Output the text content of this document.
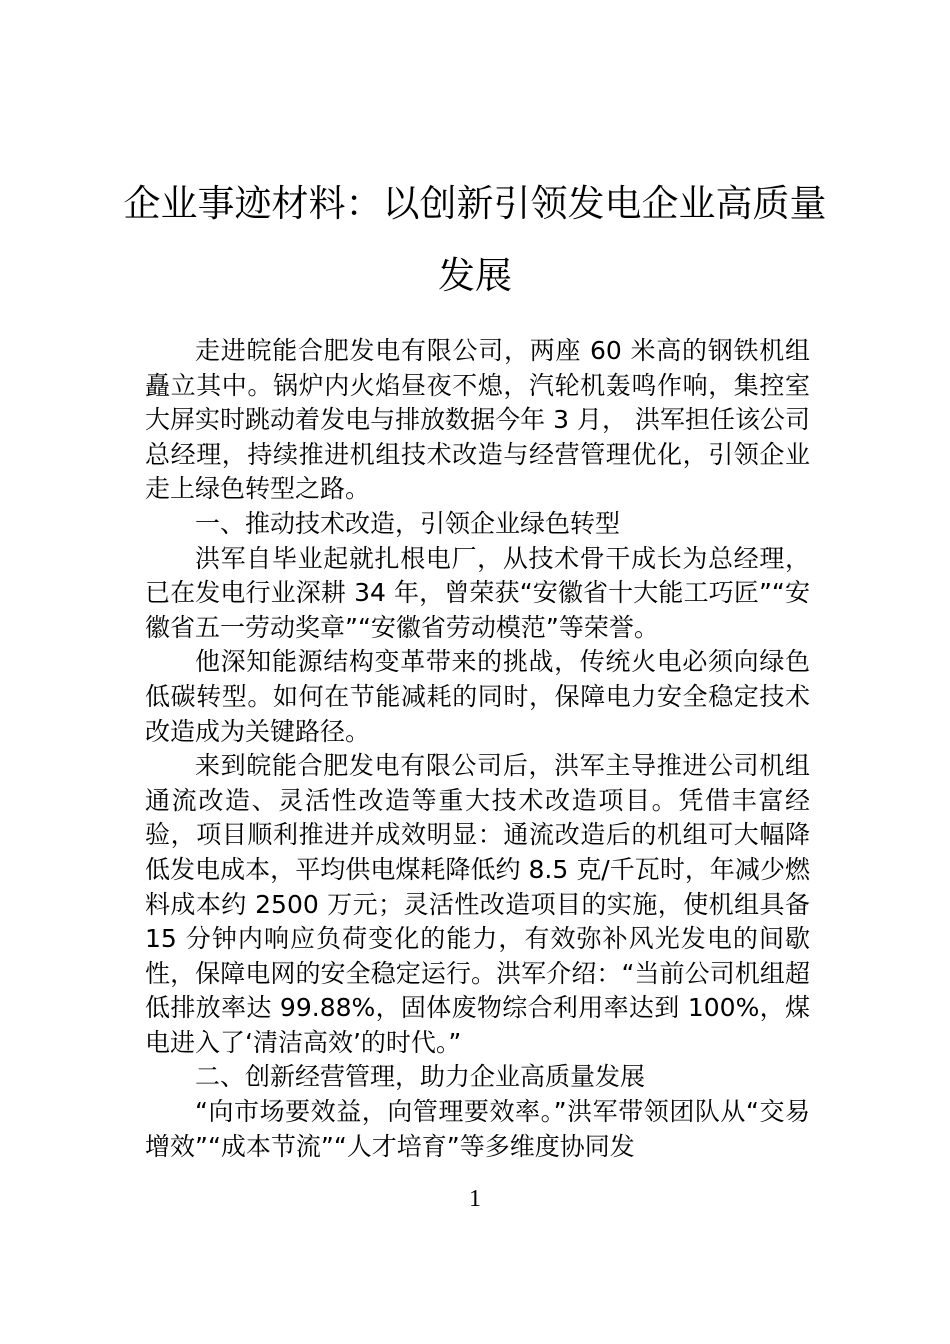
企业事迹材料：以创新引领发电企业高质量发展

走进皖能合肥发电有限公司，两座 60 米高的钢铁机组矗立其中。锅炉内火焰昼夜不熄，汽轮机轰鸣作响，集控室大屏实时跳动着发电与排放数据今年 3 月， 洪军担任该公司总经理，持续推进机组技术改造与经营管理优化，引领企业走上绿色转型之路。

一、推动技术改造，引领企业绿色转型

洪军自毕业起就扎根电厂，从技术骨干成长为总经理，已在发电行业深耕 34 年，曾荣获“安徽省十大能工巧匠”“安徽省五一劳动奖章”“安徽省劳动模范”等荣誉。

他深知能源结构变革带来的挑战，传统火电必须向绿色低碳转型。如何在节能减耗的同时，保障电力安全稳定技术改造成为关键路径。

来到皖能合肥发电有限公司后，洪军主导推进公司机组通流改造、灵活性改造等重大技术改造项目。凭借丰富经验，项目顺利推进并成效明显：通流改造后的机组可大幅降低发电成本，平均供电煤耗降低约 8.5 克/千瓦时，年减少燃料成本约 2500 万元；灵活性改造项目的实施，使机组具备 15 分钟内响应负荷变化的能力，有效弥补风光发电的间歇性，保障电网的安全稳定运行。洪军介绍：“当前公司机组超低排放率达 99.88%，固体废物综合利用率达到 100%，煤电进入了‘清洁高效’的时代。”

二、创新经营管理，助力企业高质量发展

“向市场要效益，向管理要效率。”洪军带领团队从“交易增效”“成本节流”“人才培育”等多维度协同发

1
